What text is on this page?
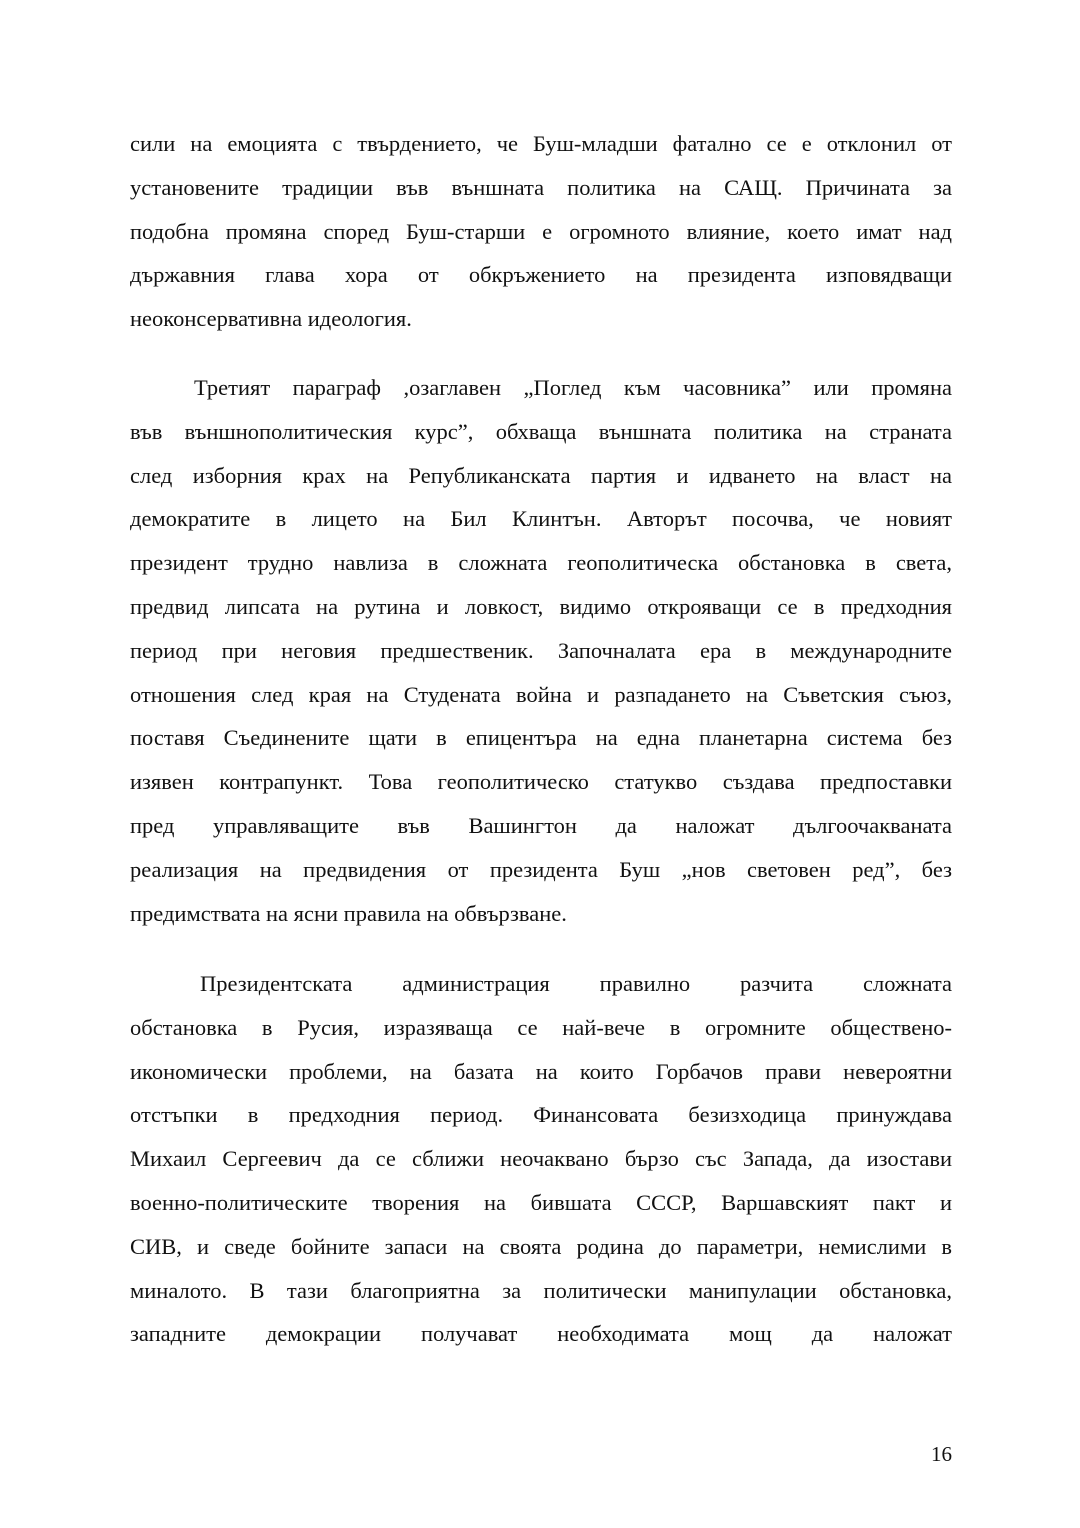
сили на емоцията с твърдението, че Буш-младши фатално се е отклонил от
установените традиции във външната политика на САЩ. Причината за
подобна промяна според Буш-старши е огромното влияние, което имат над
държавния глава хора от обкръжението на президента изповядващи
неоконсервативна идеология.
Третият параграф ,озаглавен „Поглед към часовника” или промяна
във външнополитическия курс”, обхваща външната политика на страната
след изборния крах на Републиканската партия и идването на власт на
демократите в лицето на Бил Клинтън. Авторът посочва, че новият
президент трудно навлиза в сложната геополитическа обстановка в света,
предвид липсата на рутина и ловкост, видимо открояващи се в предходния
период при неговия предшественик. Започналата ера в международните
отношения след края на Студената война и разпадането на Съветския съюз,
поставя Съединените щати в епицентъра на една планетарна система без
изявен контрапункт. Това геополитическо статукво създава предпоставки
пред управляващите във Вашингтон да наложат дългоочакваната
реализация на предвидения от президента Буш „нов световен ред”, без
предимствата на ясни правила на обвързване.
Президентската администрация правилно разчита сложната
обстановка в Русия, изразяваща се най-вече в огромните обществено-
икономически проблеми, на базата на които Горбачов прави невероятни
отстъпки в предходния период. Финансовата безизходица принуждава
Михаил Сергеевич да се сближи неочаквано бързо със Запада, да изостави
военно-политическите творения на бившата СССР, Варшавският пакт и
СИВ, и сведе бойните запаси на своята родина до параметри, немислими в
миналото. В тази благоприятна за политически манипулации обстановка,
западните демокрации получават необходимата мощ да наложат
16
